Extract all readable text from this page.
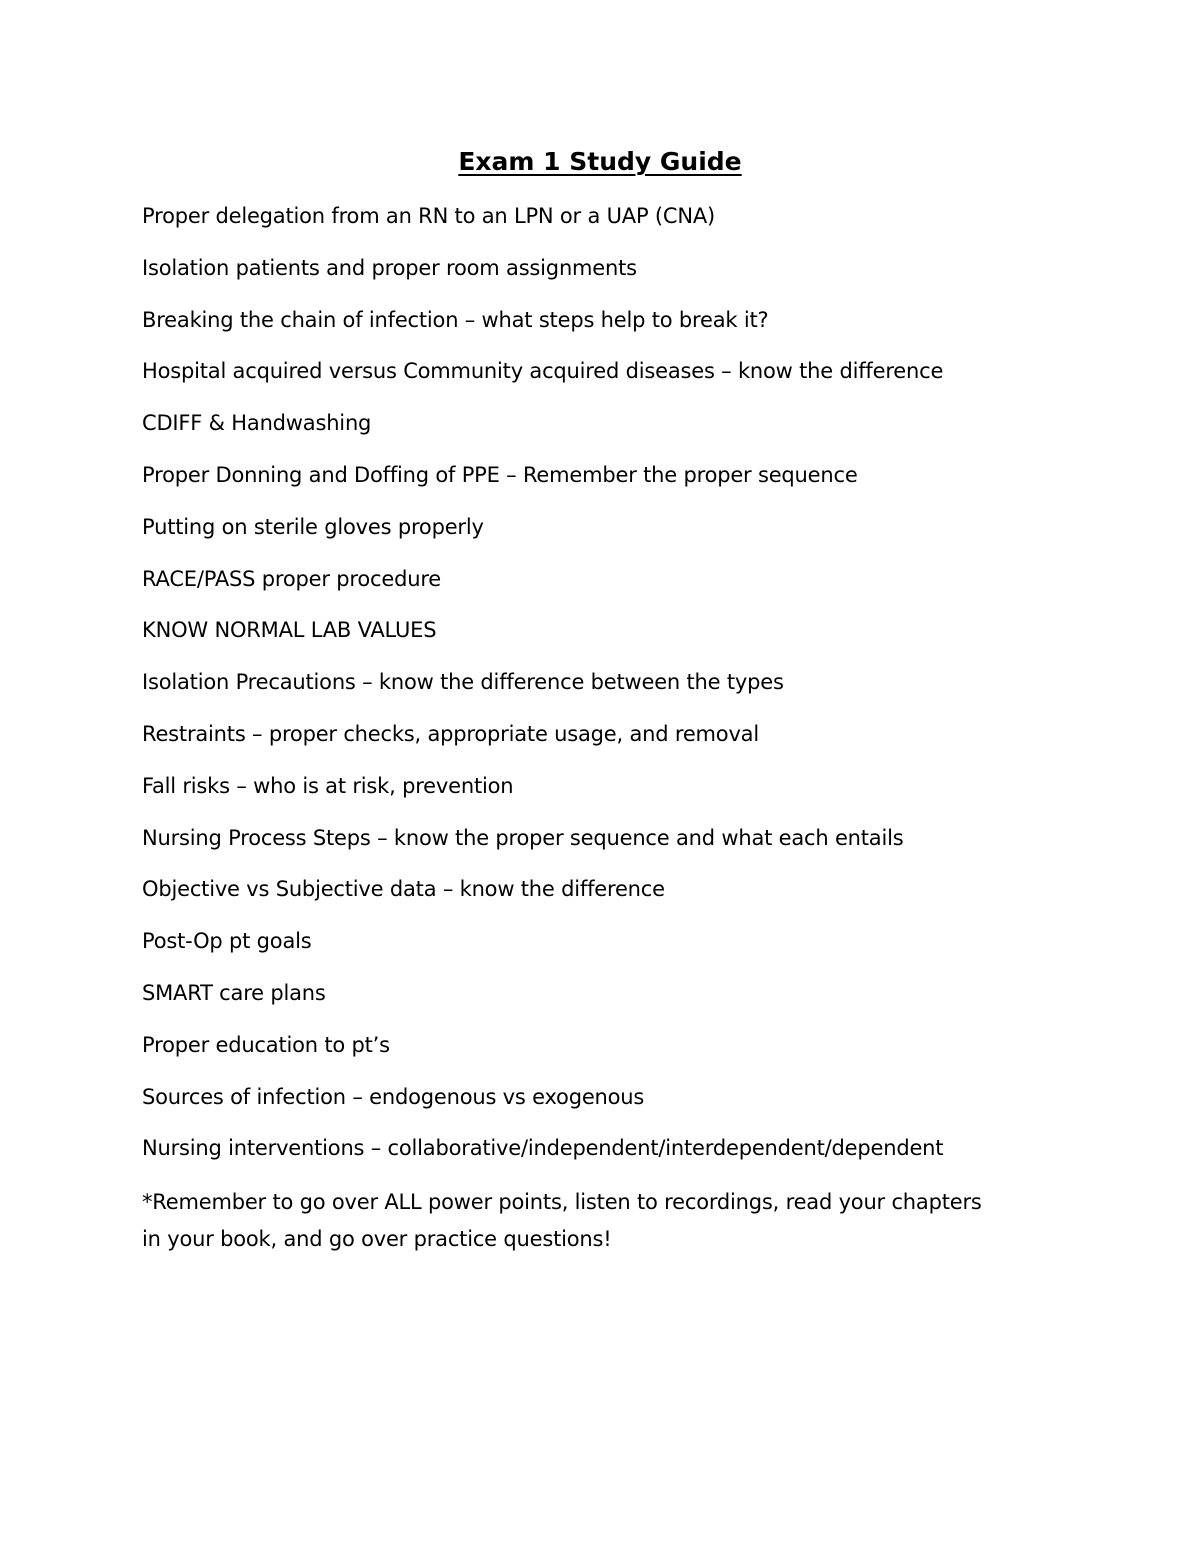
Exam 1 Study Guide
Proper delegation from an RN to an LPN or a UAP (CNA)
Isolation patients and proper room assignments
Breaking the chain of infection – what steps help to break it?
Hospital acquired versus Community acquired diseases – know the difference
CDIFF & Handwashing
Proper Donning and Doffing of PPE – Remember the proper sequence
Putting on sterile gloves properly
RACE/PASS proper procedure
KNOW NORMAL LAB VALUES
Isolation Precautions – know the difference between the types
Restraints – proper checks, appropriate usage, and removal
Fall risks – who is at risk, prevention
Nursing Process Steps – know the proper sequence and what each entails
Objective vs Subjective data – know the difference
Post-Op pt goals
SMART care plans
Proper education to pt’s
Sources of infection – endogenous vs exogenous
Nursing interventions – collaborative/independent/interdependent/dependent

*Remember to go over ALL power points, listen to recordings, read your chapters
in your book, and go over practice questions!
